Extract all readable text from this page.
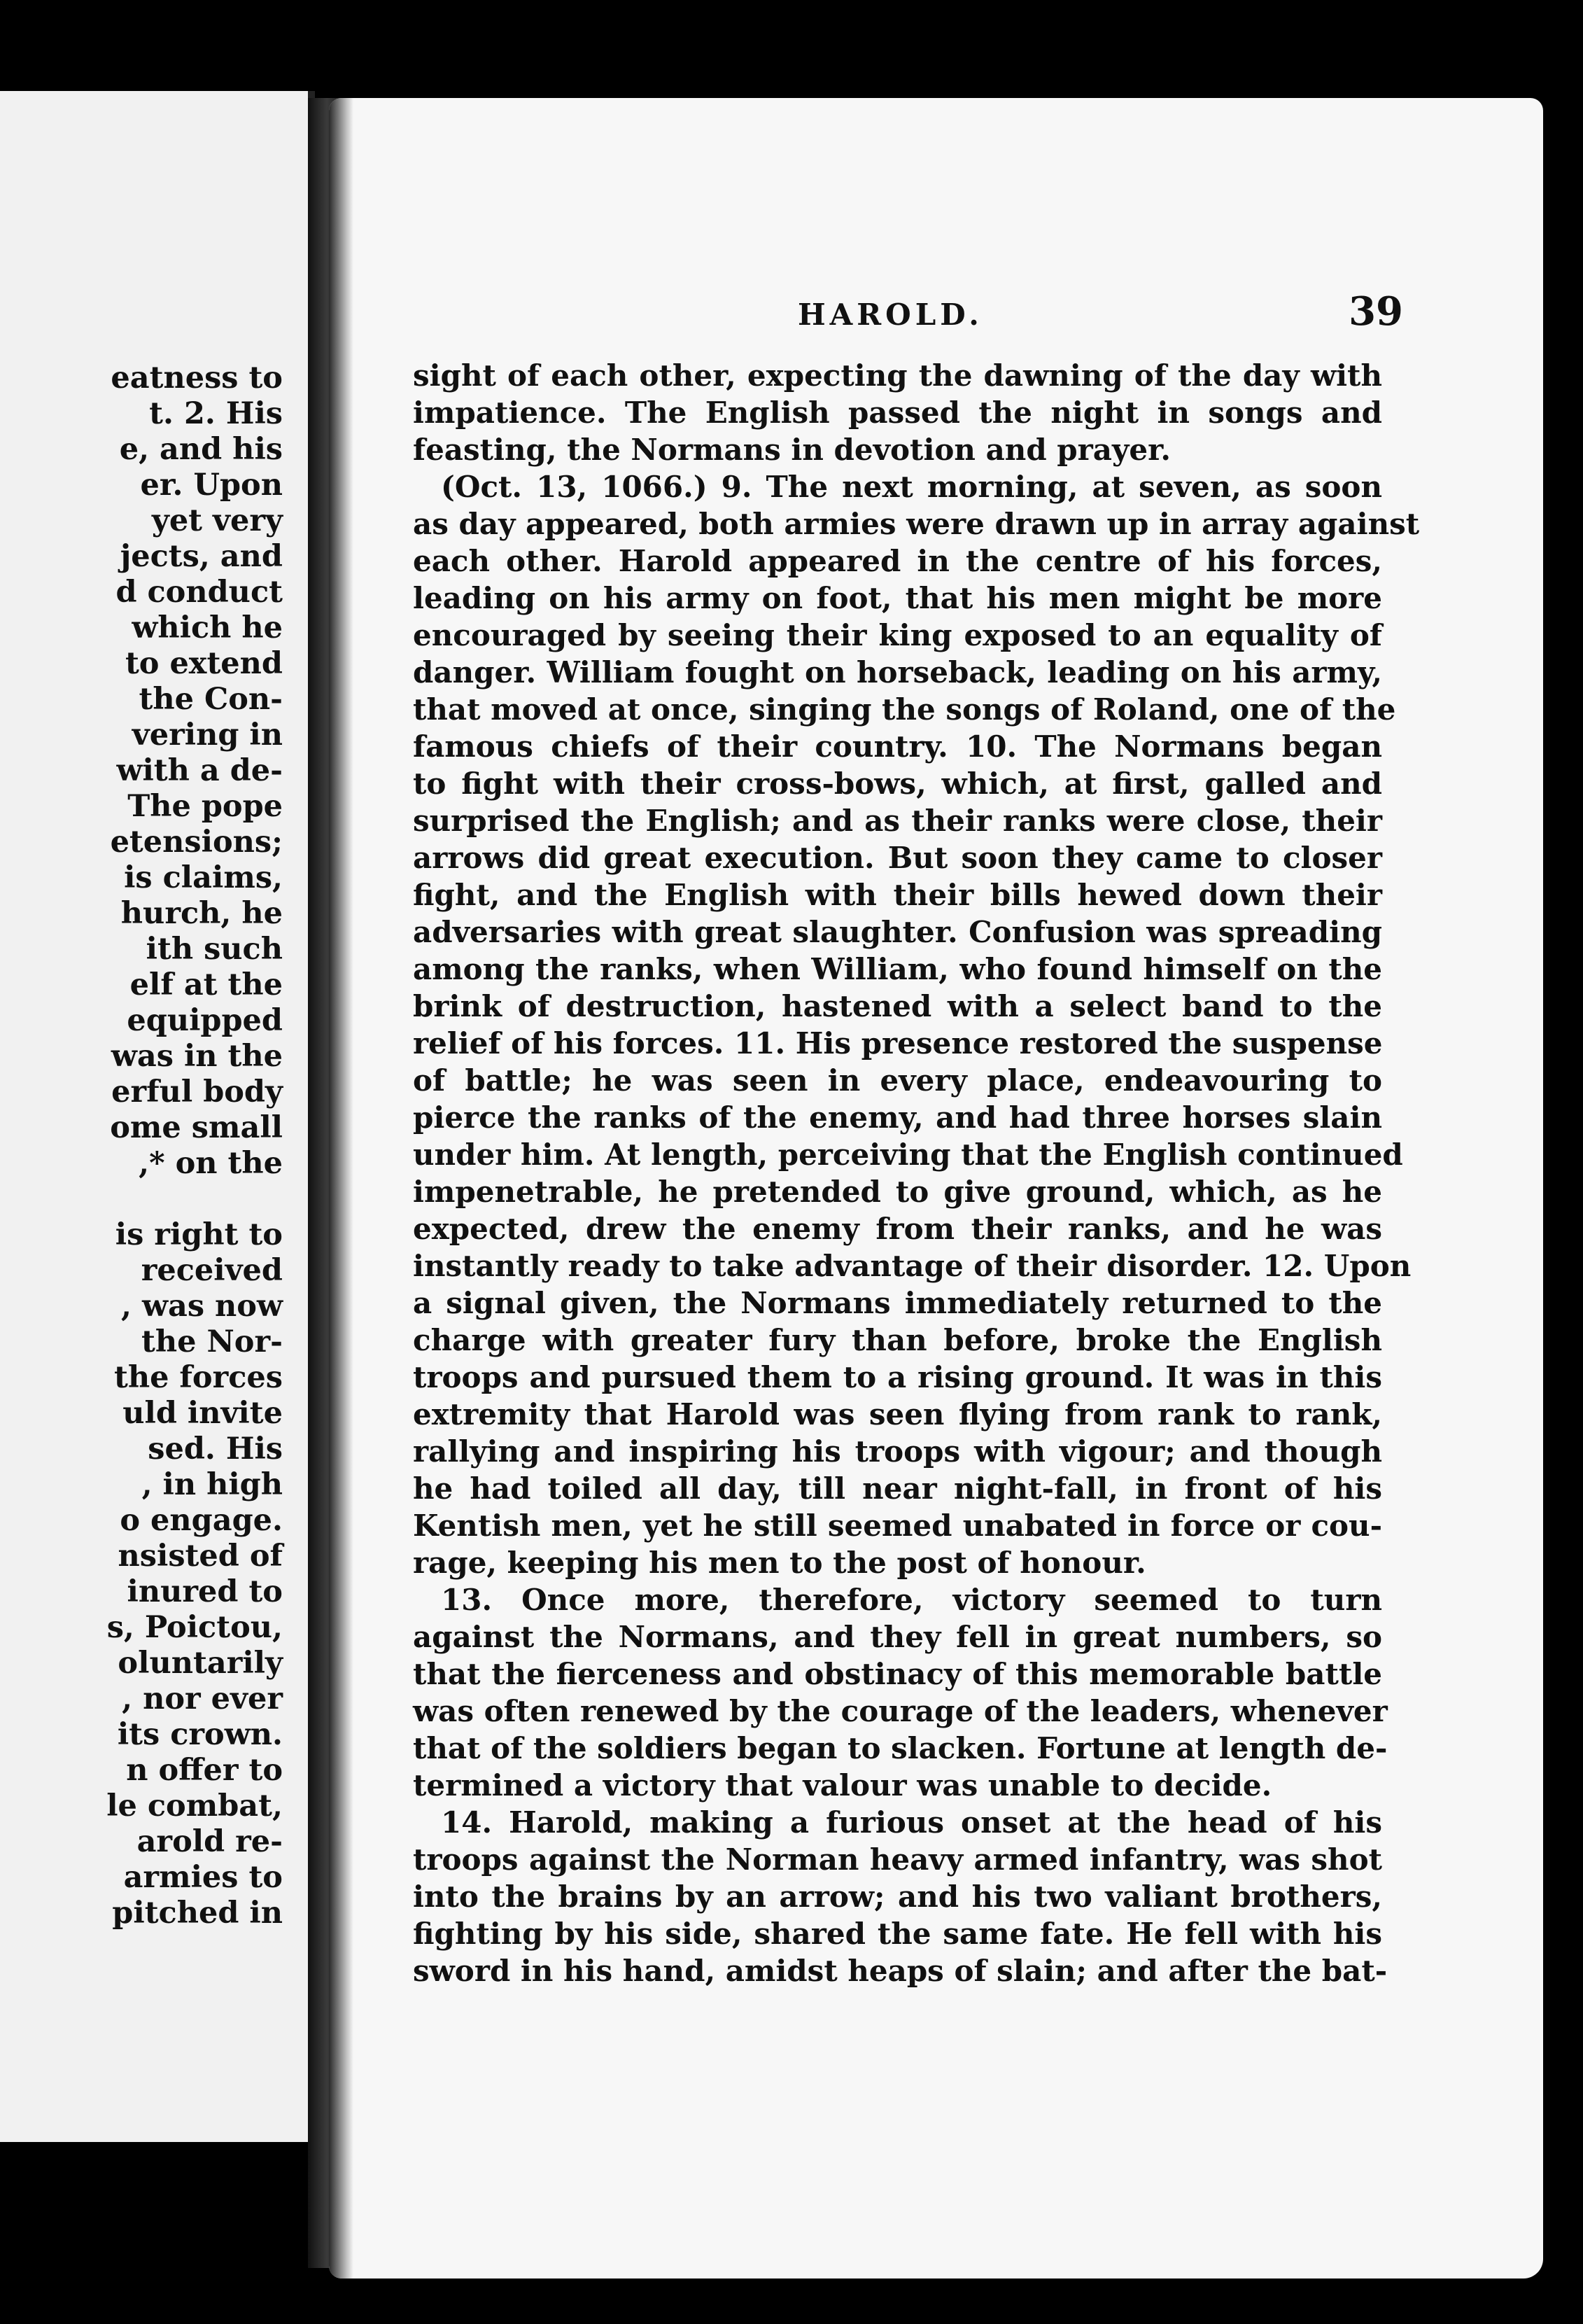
eatness to
t. 2. His
e, and his
er. Upon
yet very
jects, and
d conduct
which he
to extend
the Con-
vering in
with a de-
The pope
etensions;
is claims,
hurch, he
ith such
elf at the
equipped
was in the
erful body
ome small
,* on the
is right to
received
, was now
the Nor-
the forces
uld invite
sed. His
, in high
o engage.
nsisted of
inured to
s, Poictou,
oluntarily
, nor ever
its crown.
n offer to
le combat,
arold re-
armies to
pitched in
HAROLD.	39
sight of each other, expecting the dawning of the day with
impatience. The English passed the night in songs and
feasting, the Normans in devotion and prayer.
(Oct. 13, 1066.) 9. The next morning, at seven, as soon
as day appeared, both armies were drawn up in array against
each other. Harold appeared in the centre of his forces,
leading on his army on foot, that his men might be more
encouraged by seeing their king exposed to an equality of
danger. William fought on horseback, leading on his army,
that moved at once, singing the songs of Roland, one of the
famous chiefs of their country. 10. The Normans began
to fight with their cross-bows, which, at first, galled and
surprised the English; and as their ranks were close, their
arrows did great execution. But soon they came to closer
fight, and the English with their bills hewed down their
adversaries with great slaughter. Confusion was spreading
among the ranks, when William, who found himself on the
brink of destruction, hastened with a select band to the
relief of his forces. 11. His presence restored the suspense
of battle; he was seen in every place, endeavouring to
pierce the ranks of the enemy, and had three horses slain
under him. At length, perceiving that the English continued
impenetrable, he pretended to give ground, which, as he
expected, drew the enemy from their ranks, and he was
instantly ready to take advantage of their disorder. 12. Upon
a signal given, the Normans immediately returned to the
charge with greater fury than before, broke the English
troops and pursued them to a rising ground. It was in this
extremity that Harold was seen flying from rank to rank,
rallying and inspiring his troops with vigour; and though
he had toiled all day, till near night-fall, in front of his
Kentish men, yet he still seemed unabated in force or cou-
rage, keeping his men to the post of honour.
13. Once more, therefore, victory seemed to turn
against the Normans, and they fell in great numbers, so
that the fierceness and obstinacy of this memorable battle
was often renewed by the courage of the leaders, whenever
that of the soldiers began to slacken. Fortune at length de-
termined a victory that valour was unable to decide.
14. Harold, making a furious onset at the head of his
troops against the Norman heavy armed infantry, was shot
into the brains by an arrow; and his two valiant brothers,
fighting by his side, shared the same fate. He fell with his
sword in his hand, amidst heaps of slain; and after the bat-
